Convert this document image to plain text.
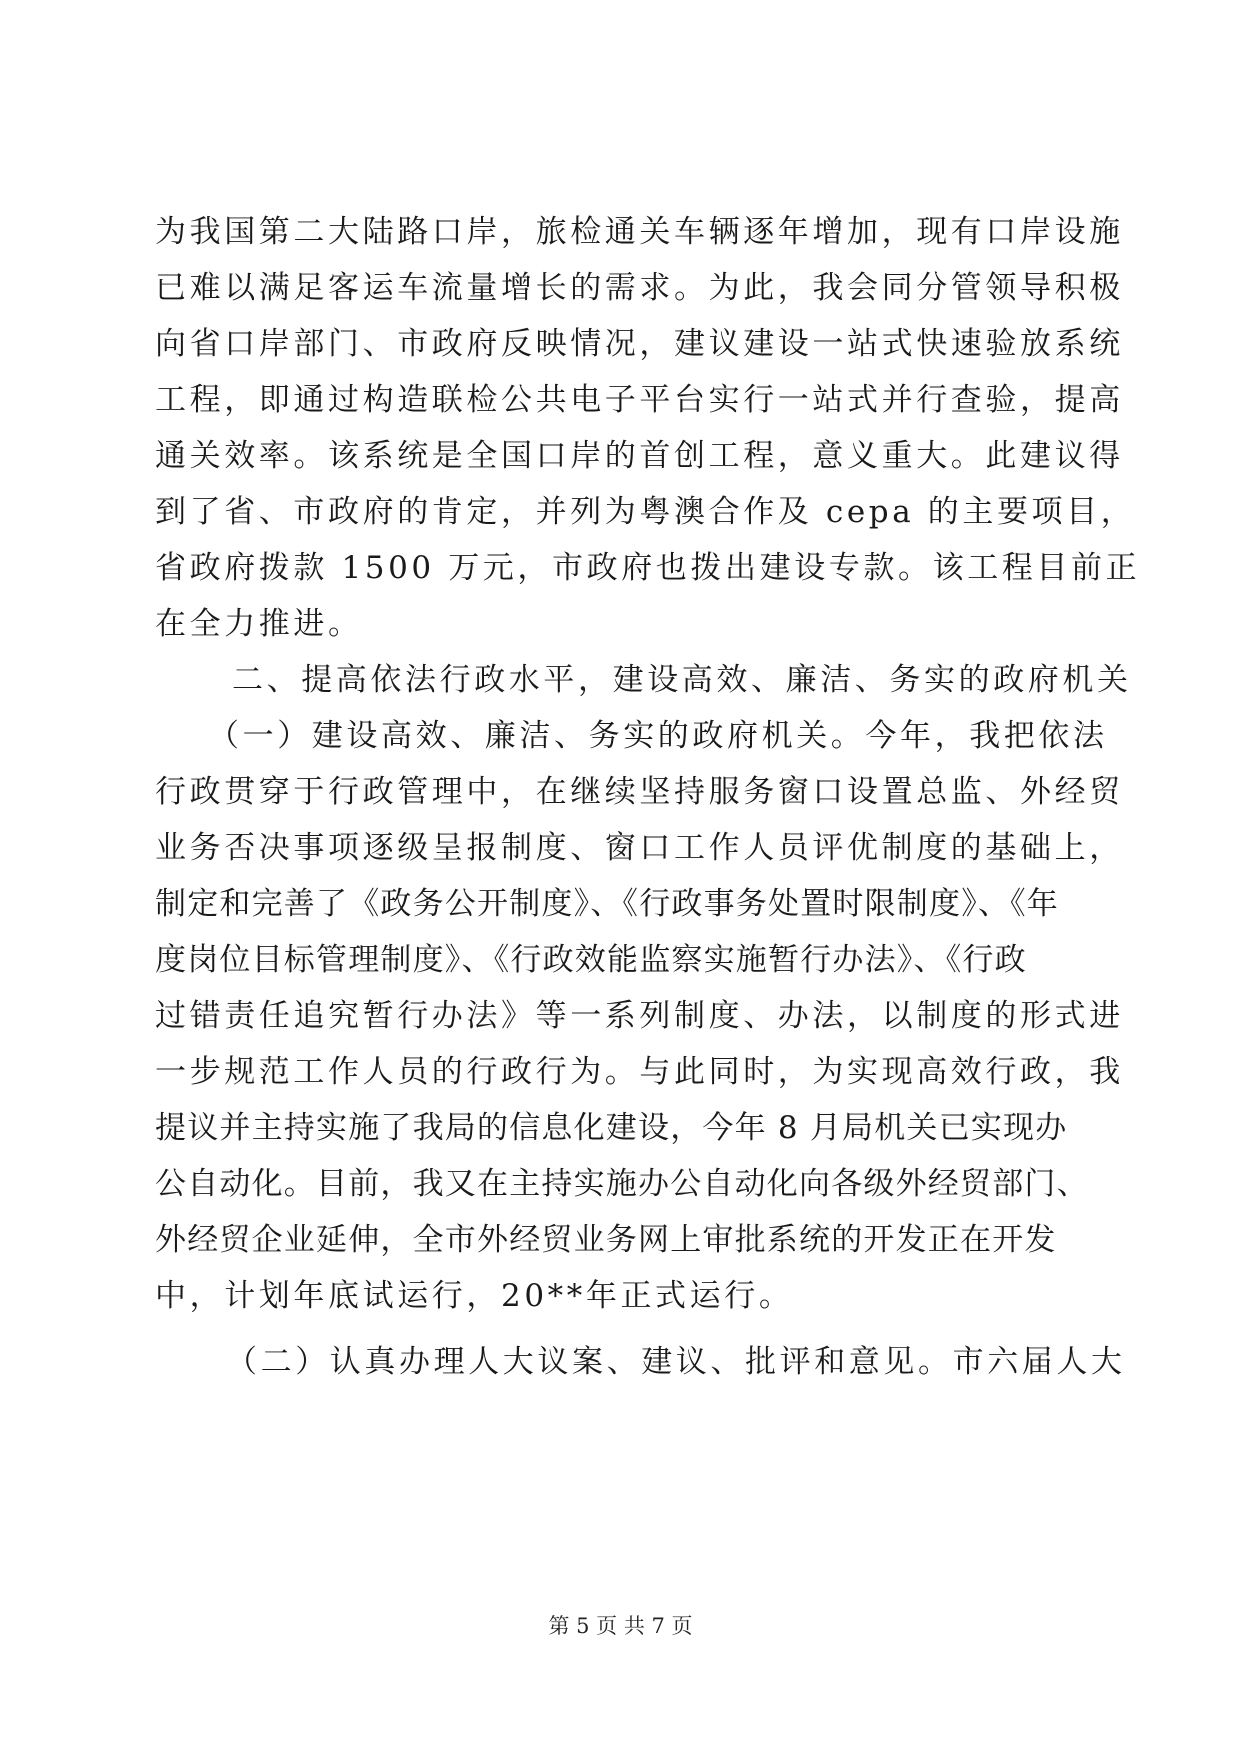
为我国第二大陆路口岸，旅检通关车辆逐年增加，现有口岸设施
已难以满足客运车流量增长的需求。为此，我会同分管领导积极
向省口岸部门、市政府反映情况，建议建设一站式快速验放系统
工程，即通过构造联检公共电子平台实行一站式并行查验，提高
通关效率。该系统是全国口岸的首创工程，意义重大。此建议得
到了省、市政府的肯定，并列为粤澳合作及 cepa 的主要项目，
省政府拨款 1500 万元，市政府也拨出建设专款。该工程目前正
在全力推进。
二、提高依法行政水平，建设高效、廉洁、务实的政府机关
（一）建设高效、廉洁、务实的政府机关。今年，我把依法
行政贯穿于行政管理中，在继续坚持服务窗口设置总监、外经贸
业务否决事项逐级呈报制度、窗口工作人员评优制度的基础上，
制定和完善了《政务公开制度》、《行政事务处置时限制度》、《年
度岗位目标管理制度》、《行政效能监察实施暂行办法》、《行政
过错责任追究暂行办法》等一系列制度、办法，以制度的形式进
一步规范工作人员的行政行为。与此同时，为实现高效行政，我
提议并主持实施了我局的信息化建设，今年 8 月局机关已实现办
公自动化。目前，我又在主持实施办公自动化向各级外经贸部门、
外经贸企业延伸，全市外经贸业务网上审批系统的开发正在开发
中，计划年底试运行，20**年正式运行。
（二）认真办理人大议案、建议、批评和意见。市六届人大
第 5 页 共 7 页
